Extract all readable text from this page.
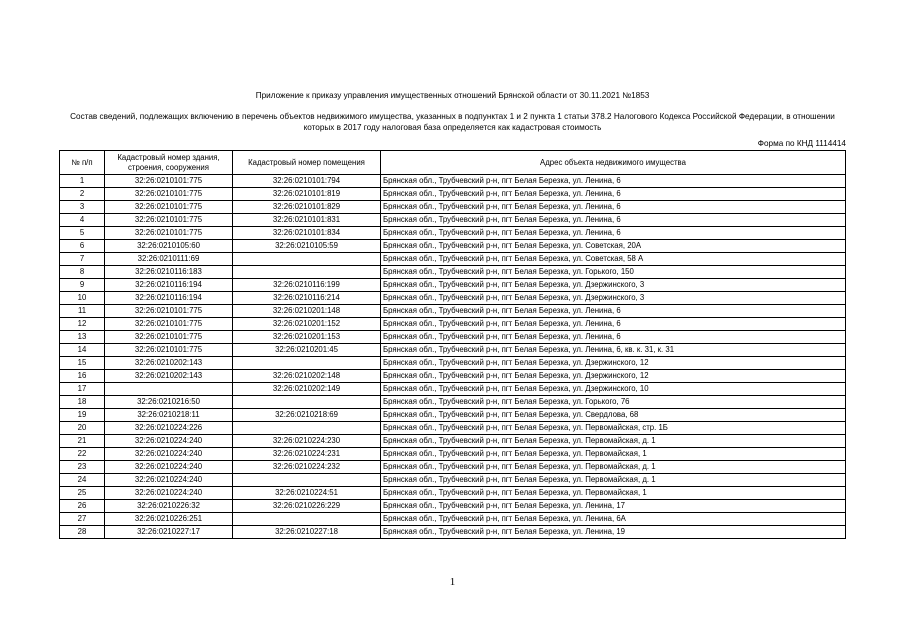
Приложение к приказу управления имущественных отношений Брянской области от 30.11.2021 №1853
Состав сведений, подлежащих включению в перечень объектов недвижимого имущества, указанных в подпунктах 1 и 2 пункта 1 статьи 378.2 Налогового Кодекса Российской Федерации, в отношении которых в 2017 году налоговая база определяется как кадастровая стоимость
Форма по КНД 1114414
№ п/п	Кадастровый номер здания, строения, сооружения	Кадастровый номер помещения	Адрес объекта недвижимого имущества
1	32:26:0210101:775	32:26:0210101:794	Брянская обл., Трубчевский р-н, пгт Белая Березка, ул. Ленина, 6
2	32:26:0210101:775	32:26:0210101:819	Брянская обл., Трубчевский р-н, пгт Белая Березка, ул. Ленина, 6
3	32:26:0210101:775	32:26:0210101:829	Брянская обл., Трубчевский р-н, пгт Белая Березка, ул. Ленина, 6
4	32:26:0210101:775	32:26:0210101:831	Брянская обл., Трубчевский р-н, пгт Белая Березка, ул. Ленина, 6
5	32:26:0210101:775	32:26:0210101:834	Брянская обл., Трубчевский р-н, пгт Белая Березка, ул. Ленина, 6
6	32:26:0210105:60	32:26:0210105:59	Брянская обл., Трубчевский р-н, пгт Белая Березка, ул. Советская, 20А
7	32:26:0210111:69		Брянская обл., Трубчевский р-н, пгт Белая Березка, ул. Советская, 58 А
8	32:26:0210116:183		Брянская обл., Трубчевский р-н, пгт Белая Березка, ул. Горького, 150
9	32:26:0210116:194	32:26:0210116:199	Брянская обл., Трубчевский р-н, пгт Белая Березка, ул. Дзержинского, 3
10	32:26:0210116:194	32:26:0210116:214	Брянская обл., Трубчевский р-н, пгт Белая Березка, ул. Дзержинского, 3
11	32:26:0210101:775	32:26:0210201:148	Брянская обл., Трубчевский р-н, пгт Белая Березка, ул. Ленина, 6
12	32:26:0210101:775	32:26:0210201:152	Брянская обл., Трубчевский р-н, пгт Белая Березка, ул. Ленина, 6
13	32:26:0210101:775	32:26:0210201:153	Брянская обл., Трубчевский р-н, пгт Белая Березка, ул. Ленина, 6
14	32:26:0210101:775	32:26:0210201:45	Брянская обл., Трубчевский р-н, пгт Белая Березка, ул. Ленина, 6, кв. к. 31, к. 31
15	32:26:0210202:143		Брянская обл., Трубчевский р-н, пгт Белая Березка, ул. Дзержинского, 12
16	32:26:0210202:143	32:26:0210202:148	Брянская обл., Трубчевский р-н, пгт Белая Березка, ул. Дзержинского, 12
17		32:26:0210202:149	Брянская обл., Трубчевский р-н, пгт Белая Березка, ул. Дзержинского, 10
18	32:26:0210216:50		Брянская обл., Трубчевский р-н, пгт Белая Березка, ул. Горького, 76
19	32:26:0210218:11	32:26:0210218:69	Брянская обл., Трубчевский р-н, пгт Белая Березка, ул. Свердлова, 68
20	32:26:0210224:226		Брянская обл., Трубчевский р-н, пгт Белая Березка, ул. Первомайская, стр. 1Б
21	32:26:0210224:240	32:26:0210224:230	Брянская обл., Трубчевский р-н, пгт Белая Березка, ул. Первомайская, д. 1
22	32:26:0210224:240	32:26:0210224:231	Брянская обл., Трубчевский р-н, пгт Белая Березка, ул. Первомайская, 1
23	32:26:0210224:240	32:26:0210224:232	Брянская обл., Трубчевский р-н, пгт Белая Березка, ул. Первомайская, д. 1
24	32:26:0210224:240		Брянская обл., Трубчевский р-н, пгт Белая Березка, ул. Первомайская, д. 1
25	32:26:0210224:240	32:26:0210224:51	Брянская обл., Трубчевский р-н, пгт Белая Березка, ул. Первомайская, 1
26	32:26:0210226:32	32:26:0210226:229	Брянская обл., Трубчевский р-н, пгт Белая Березка, ул. Ленина, 17
27	32:26:0210226:251		Брянская обл., Трубчевский р-н, пгт Белая Березка, ул. Ленина, 6А
28	32:26:0210227:17	32:26:0210227:18	Брянская обл., Трубчевский р-н, пгт Белая Березка, ул. Ленина, 19
1
